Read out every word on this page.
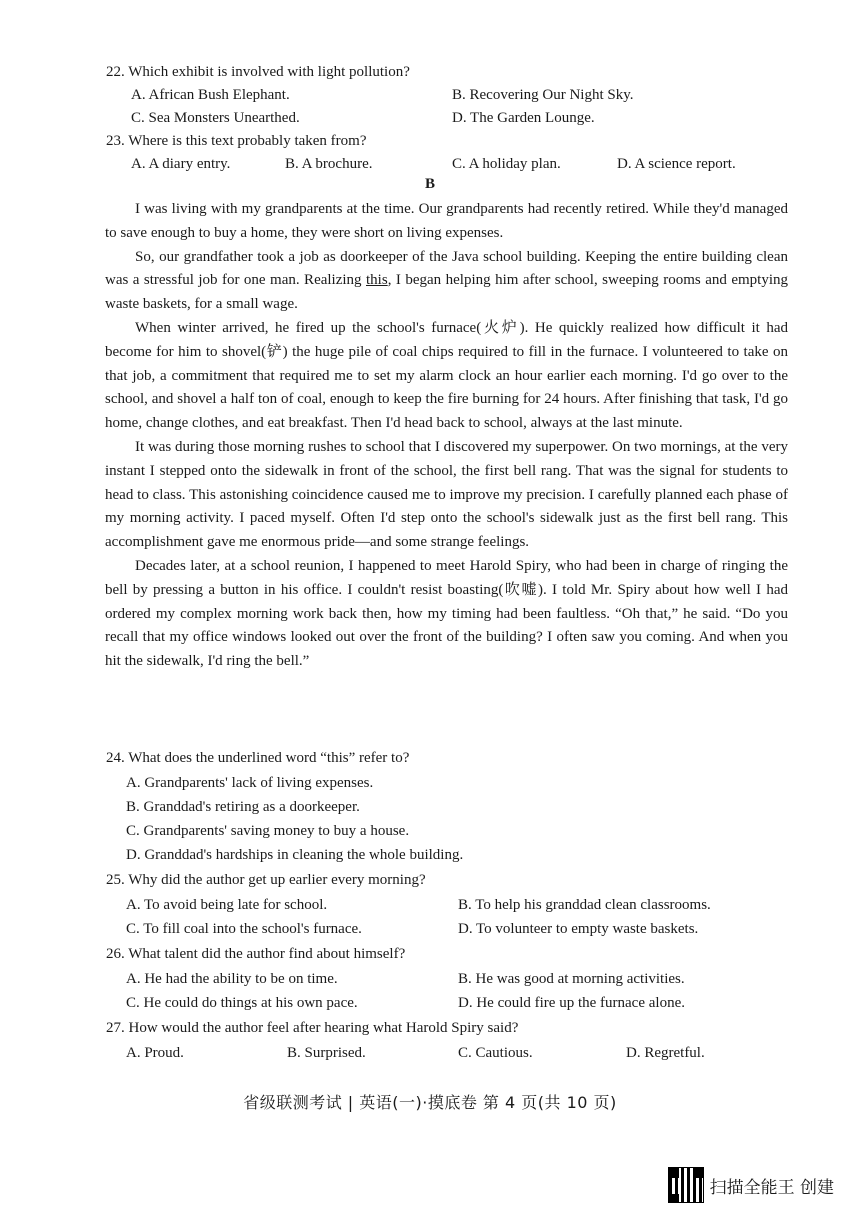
22. Which exhibit is involved with light pollution?
A. African Bush Elephant.	B. Recovering Our Night Sky.
C. Sea Monsters Unearthed.	D. The Garden Lounge.
23. Where is this text probably taken from?
A. A diary entry.	B. A brochure.	C. A holiday plan.	D. A science report.
B

I was living with my grandparents at the time. Our grandparents had recently retired. While they'd managed to save enough to buy a home, they were short on living expenses.

So, our grandfather took a job as doorkeeper of the Java school building. Keeping the entire building clean was a stressful job for one man. Realizing this, I began helping him after school, sweeping rooms and emptying waste baskets, for a small wage.

When winter arrived, he fired up the school's furnace(火炉). He quickly realized how difficult it had become for him to shovel(铲) the huge pile of coal chips required to fill in the furnace. I volunteered to take on that job, a commitment that required me to set my alarm clock an hour earlier each morning. I'd go over to the school, and shovel a half ton of coal, enough to keep the fire burning for 24 hours. After finishing that task, I'd go home, change clothes, and eat breakfast. Then I'd head back to school, always at the last minute.

It was during those morning rushes to school that I discovered my superpower. On two mornings, at the very instant I stepped onto the sidewalk in front of the school, the first bell rang. That was the signal for students to head to class. This astonishing coincidence caused me to improve my precision. I carefully planned each phase of my morning activity. I paced myself. Often I'd step onto the school's sidewalk just as the first bell rang. This accomplishment gave me enormous pride—and some strange feelings.

Decades later, at a school reunion, I happened to meet Harold Spiry, who had been in charge of ringing the bell by pressing a button in his office. I couldn't resist boasting(吹嘘). I told Mr. Spiry about how well I had ordered my complex morning work back then, how my timing had been faultless. “Oh that,” he said. “Do you recall that my office windows looked out over the front of the building? I often saw you coming. And when you hit the sidewalk, I'd ring the bell.”

24. What does the underlined word “this” refer to?
A. Grandparents' lack of living expenses.
B. Granddad's retiring as a doorkeeper.
C. Grandparents' saving money to buy a house.
D. Granddad's hardships in cleaning the whole building.
25. Why did the author get up earlier every morning?
A. To avoid being late for school.	B. To help his granddad clean classrooms.
C. To fill coal into the school's furnace.	D. To volunteer to empty waste baskets.
26. What talent did the author find about himself?
A. He had the ability to be on time.	B. He was good at morning activities.
C. He could do things at his own pace.	D. He could fire up the furnace alone.
27. How would the author feel after hearing what Harold Spiry said?
A. Proud.	B. Surprised.	C. Cautious.	D. Regretful.
省级联测考试 | 英语(一)·摸底卷 第 4 页(共 10 页)
扫描全能王 创建
